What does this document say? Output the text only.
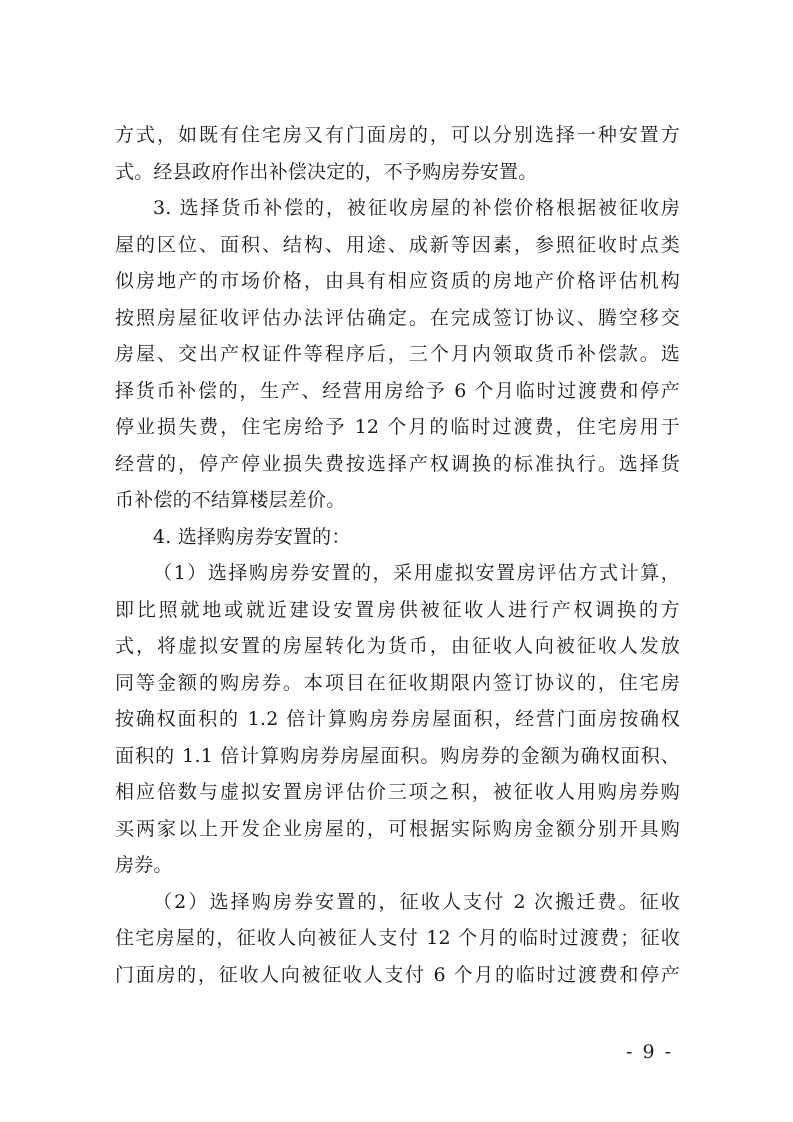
方式，如既有住宅房又有门面房的，可以分别选择一种安置方
式。经县政府作出补偿决定的，不予购房券安置。
3. 选择货币补偿的，被征收房屋的补偿价格根据被征收房
屋的区位、面积、结构、用途、成新等因素，参照征收时点类
似房地产的市场价格，由具有相应资质的房地产价格评估机构
按照房屋征收评估办法评估确定。在完成签订协议、腾空移交
房屋、交出产权证件等程序后，三个月内领取货币补偿款。选
择货币补偿的，生产、经营用房给予 6 个月临时过渡费和停产
停业损失费，住宅房给予 12 个月的临时过渡费，住宅房用于
经营的，停产停业损失费按选择产权调换的标准执行。选择货
币补偿的不结算楼层差价。
4. 选择购房券安置的：
（1）选择购房券安置的，采用虚拟安置房评估方式计算，
即比照就地或就近建设安置房供被征收人进行产权调换的方
式，将虚拟安置的房屋转化为货币，由征收人向被征收人发放
同等金额的购房券。本项目在征收期限内签订协议的，住宅房
按确权面积的 1.2 倍计算购房券房屋面积，经营门面房按确权
面积的 1.1 倍计算购房券房屋面积。购房券的金额为确权面积、
相应倍数与虚拟安置房评估价三项之积，被征收人用购房券购
买两家以上开发企业房屋的，可根据实际购房金额分别开具购
房券。
（2）选择购房券安置的，征收人支付 2 次搬迁费。征收
住宅房屋的，征收人向被征人支付 12 个月的临时过渡费；征收
门面房的，征收人向被征收人支付 6 个月的临时过渡费和停产
- 9 -
